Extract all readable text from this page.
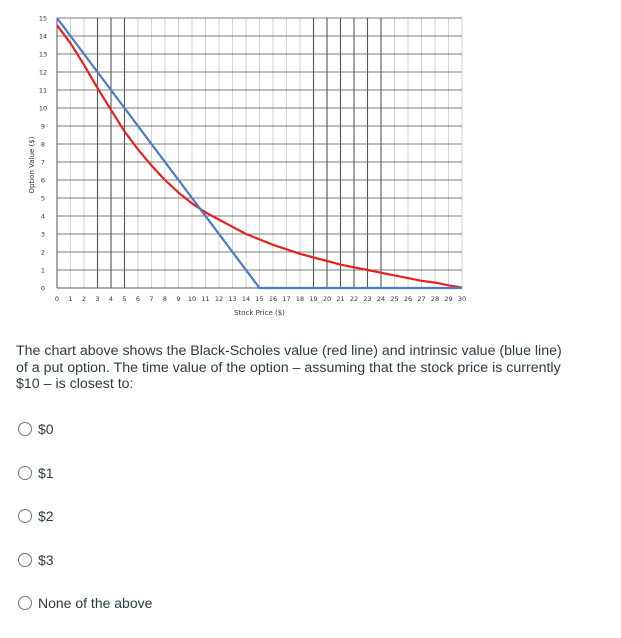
0 1 2 3 4 5 6 7 8 9 10 11 12 13 14 15 16 17 18 19 20 21 22 23 24 25 26 27 28 29 30
0
1
2
3
4
5
6
7
8
9
10
11
12
13
14
15
Stock Price ($)
Option Value ($)

The chart above shows the Black-Scholes value (red line) and intrinsic value (blue line) of a put option. The time value of the option – assuming that the stock price is currently $10 – is closest to:

$0
$1
$2
$3
None of the above
